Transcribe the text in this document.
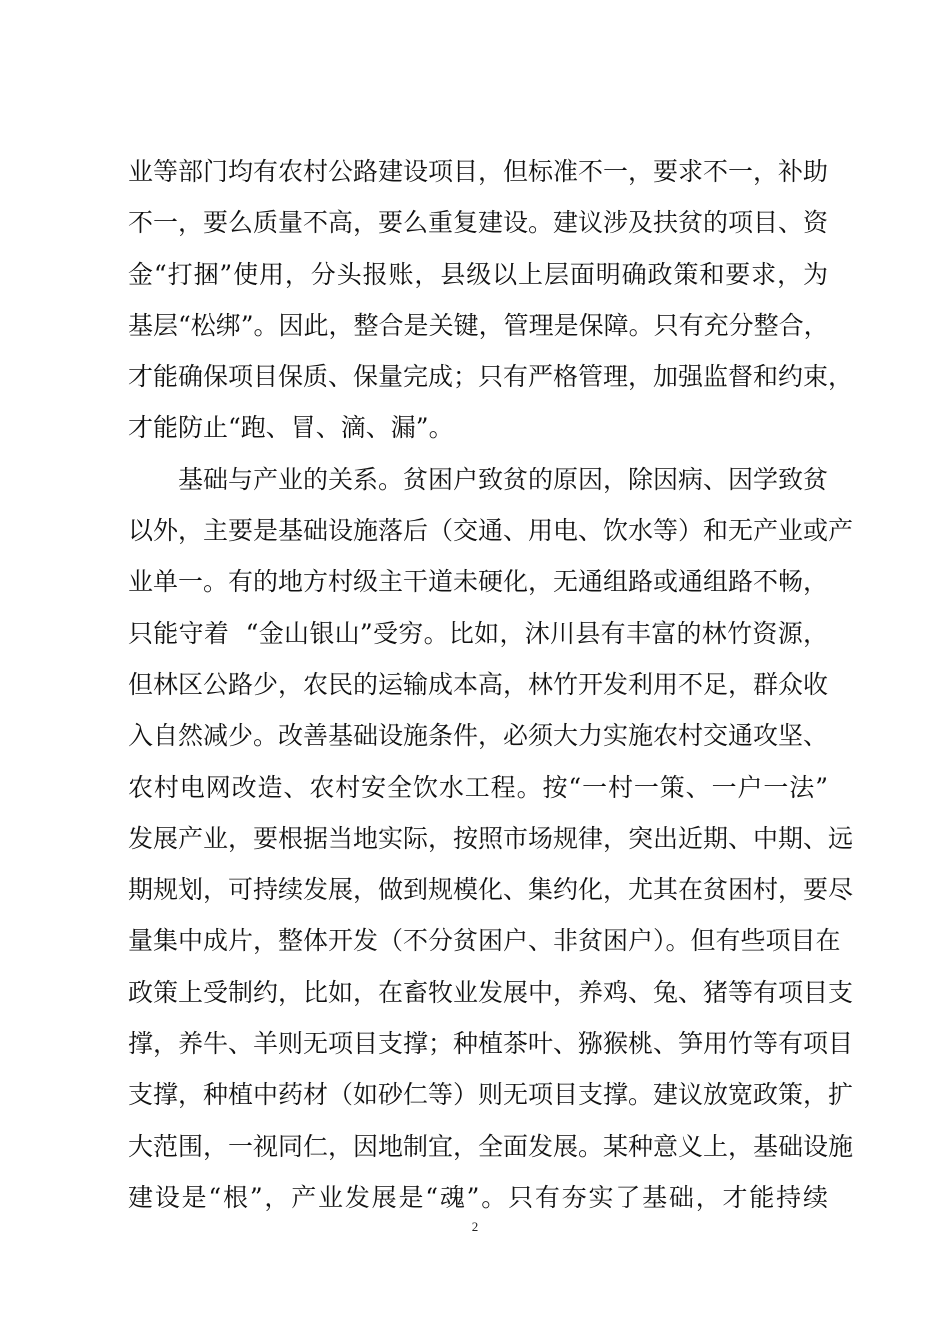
业等部门均有农村公路建设项目，但标准不一，要求不一，补助
不一，要么质量不高，要么重复建设。建议涉及扶贫的项目、资
金“打捆”使用，分头报账，县级以上层面明确政策和要求，为
基层“松绑”。因此，整合是关键，管理是保障。只有充分整合，
才能确保项目保质、保量完成；只有严格管理，加强监督和约束，
才能防止“跑、冒、滴、漏”。
基础与产业的关系。贫困户致贫的原因，除因病、因学致贫
以外，主要是基础设施落后（交通、用电、饮水等）和无产业或产
业单一。有的地方村级主干道未硬化，无通组路或通组路不畅，
只能守着  “金山银山”受穷。比如，沐川县有丰富的林竹资源，
但林区公路少，农民的运输成本高，林竹开发利用不足，群众收
入自然减少。改善基础设施条件，必须大力实施农村交通攻坚、
农村电网改造、农村安全饮水工程。按“一村一策、一户一法”
发展产业，要根据当地实际，按照市场规律，突出近期、中期、远
期规划，可持续发展，做到规模化、集约化，尤其在贫困村，要尽
量集中成片，整体开发（不分贫困户、非贫困户）。但有些项目在
政策上受制约，比如，在畜牧业发展中，养鸡、兔、猪等有项目支
撑，养牛、羊则无项目支撑；种植茶叶、猕猴桃、笋用竹等有项目
支撑，种植中药材（如砂仁等）则无项目支撑。建议放宽政策，扩
大范围，一视同仁，因地制宜，全面发展。某种意义上，基础设施
建设是“根”，产业发展是“魂”。只有夯实了基础，才能持续
2
